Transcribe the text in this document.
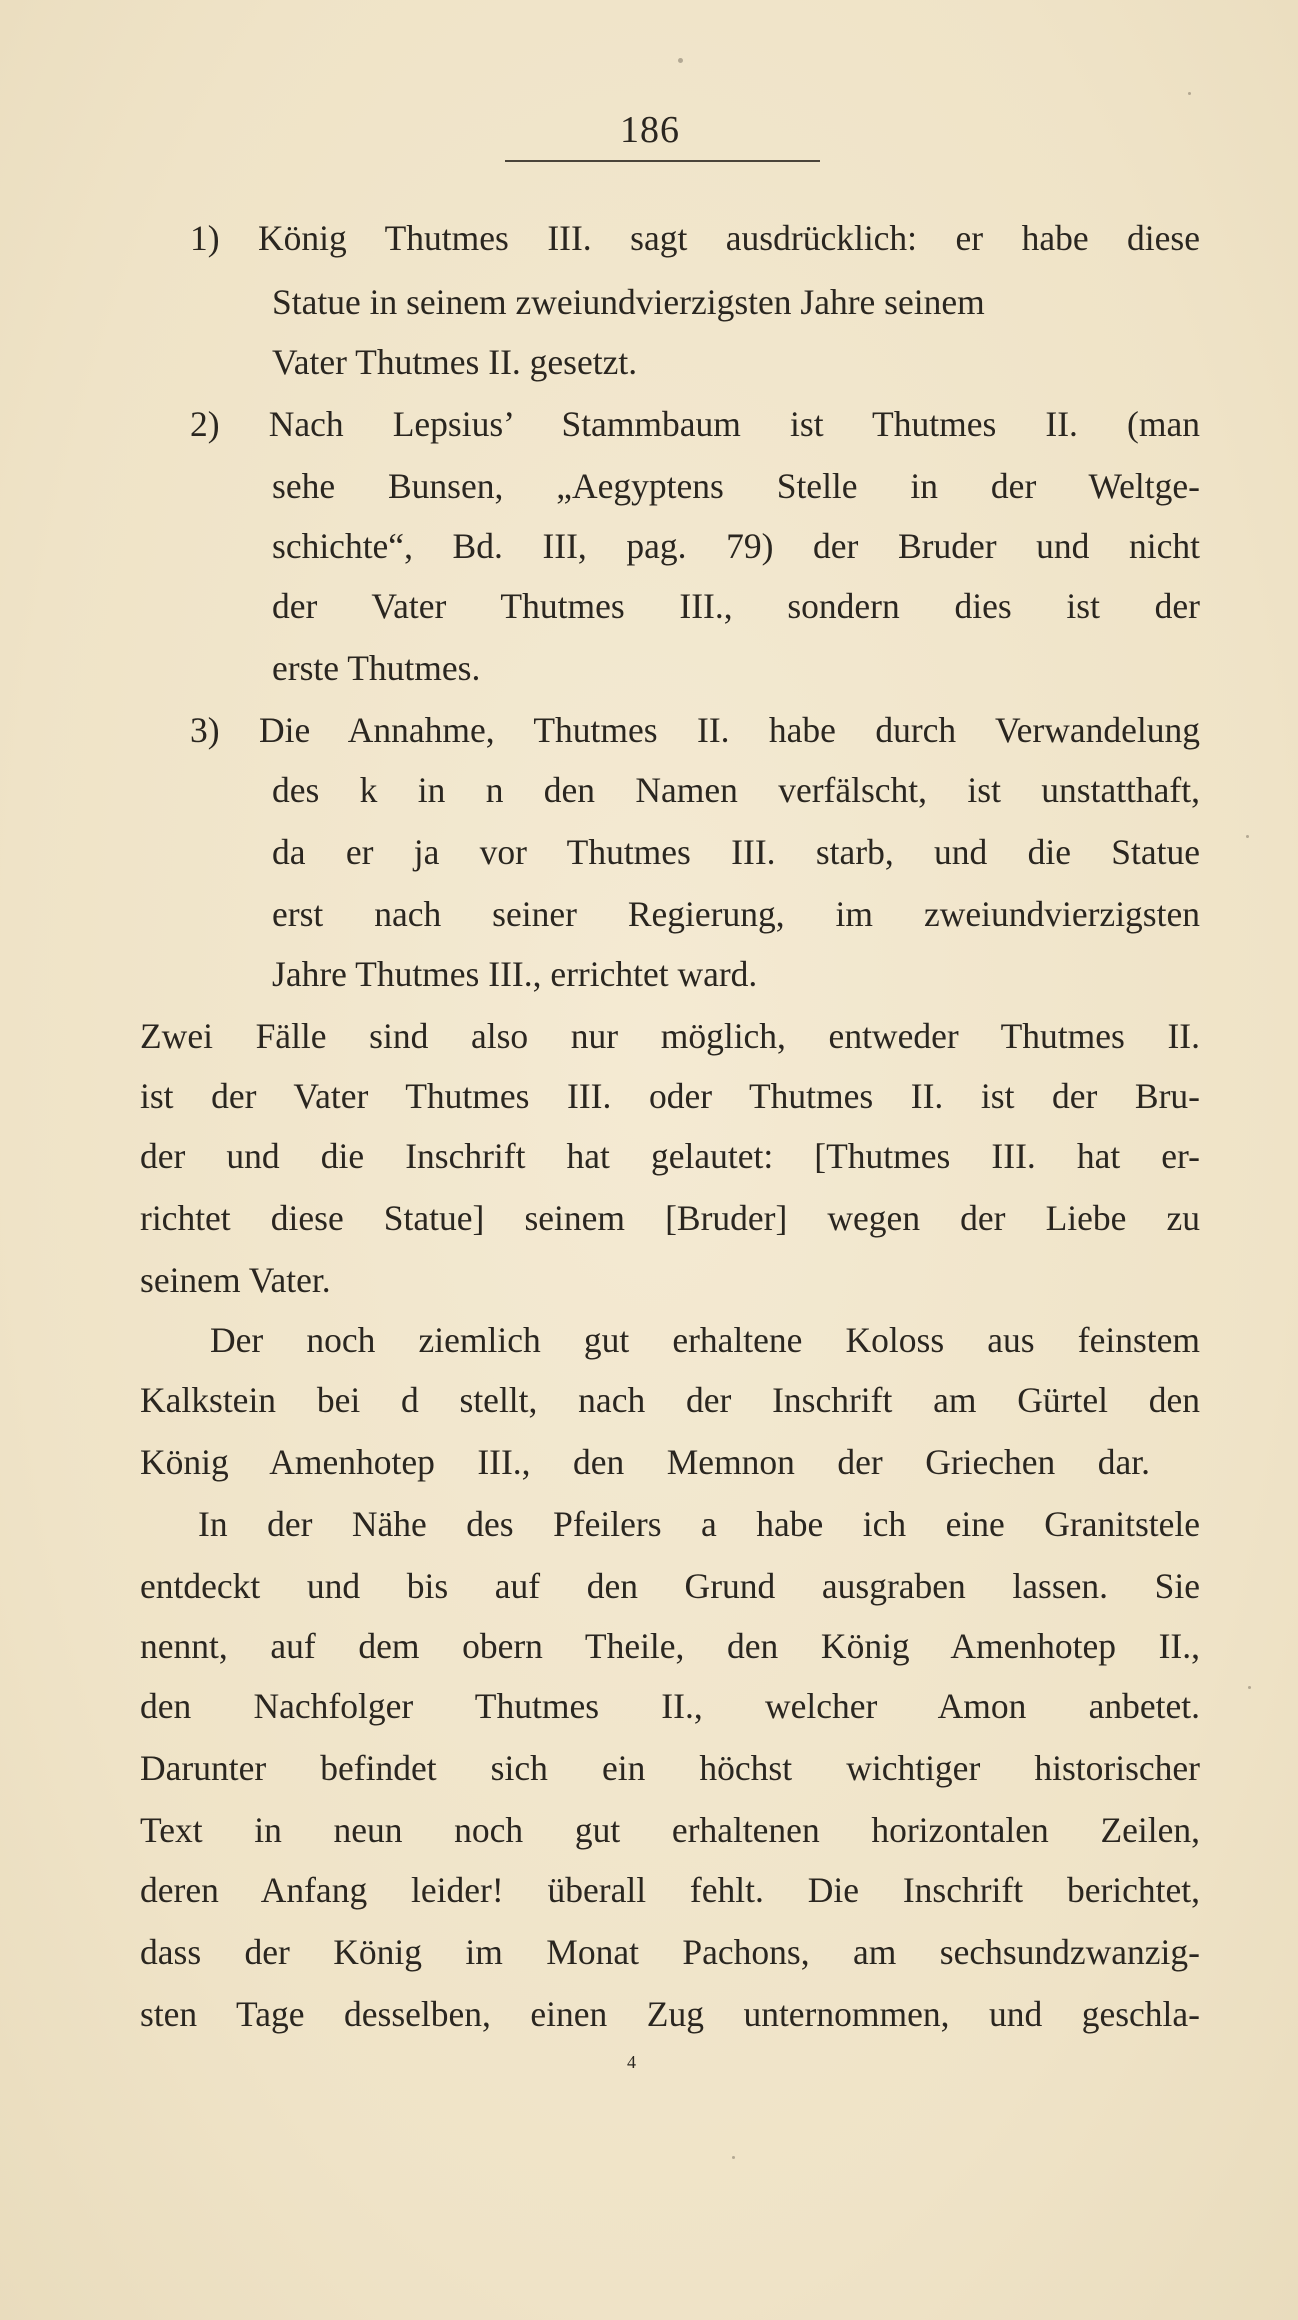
186
1) König Thutmes III. sagt ausdrücklich: er habe diese
Statue in seinem zweiundvierzigsten Jahre seinem
Vater Thutmes II. gesetzt.
2) Nach Lepsius’ Stammbaum ist Thutmes II. (man
sehe Bunsen, „Aegyptens Stelle in der Weltge-
schichte“, Bd. III, pag. 79) der Bruder und nicht
der Vater Thutmes III., sondern dies ist der
erste Thutmes.
3) Die Annahme, Thutmes II. habe durch Verwandelung
des k in n den Namen verfälscht, ist unstatthaft,
da er ja vor Thutmes III. starb, und die Statue
erst nach seiner Regierung, im zweiundvierzigsten
Jahre Thutmes III., errichtet ward.
Zwei Fälle sind also nur möglich, entweder Thutmes II.
ist der Vater Thutmes III. oder Thutmes II. ist der Bru-
der und die Inschrift hat gelautet: [Thutmes III. hat er-
richtet diese Statue] seinem [Bruder] wegen der Liebe zu
seinem Vater.
Der noch ziemlich gut erhaltene Koloss aus feinstem
Kalkstein bei d stellt, nach der Inschrift am Gürtel den
König Amenhotep III., den Memnon der Griechen dar.
In der Nähe des Pfeilers a habe ich eine Granitstele
entdeckt und bis auf den Grund ausgraben lassen. Sie
nennt, auf dem obern Theile, den König Amenhotep II.,
den Nachfolger Thutmes II., welcher Amon anbetet.
Darunter befindet sich ein höchst wichtiger historischer
Text in neun noch gut erhaltenen horizontalen Zeilen,
deren Anfang leider! überall fehlt. Die Inschrift berichtet,
dass der König im Monat Pachons, am sechsundzwanzig-
sten Tage desselben, einen Zug unternommen, und geschla-
4
